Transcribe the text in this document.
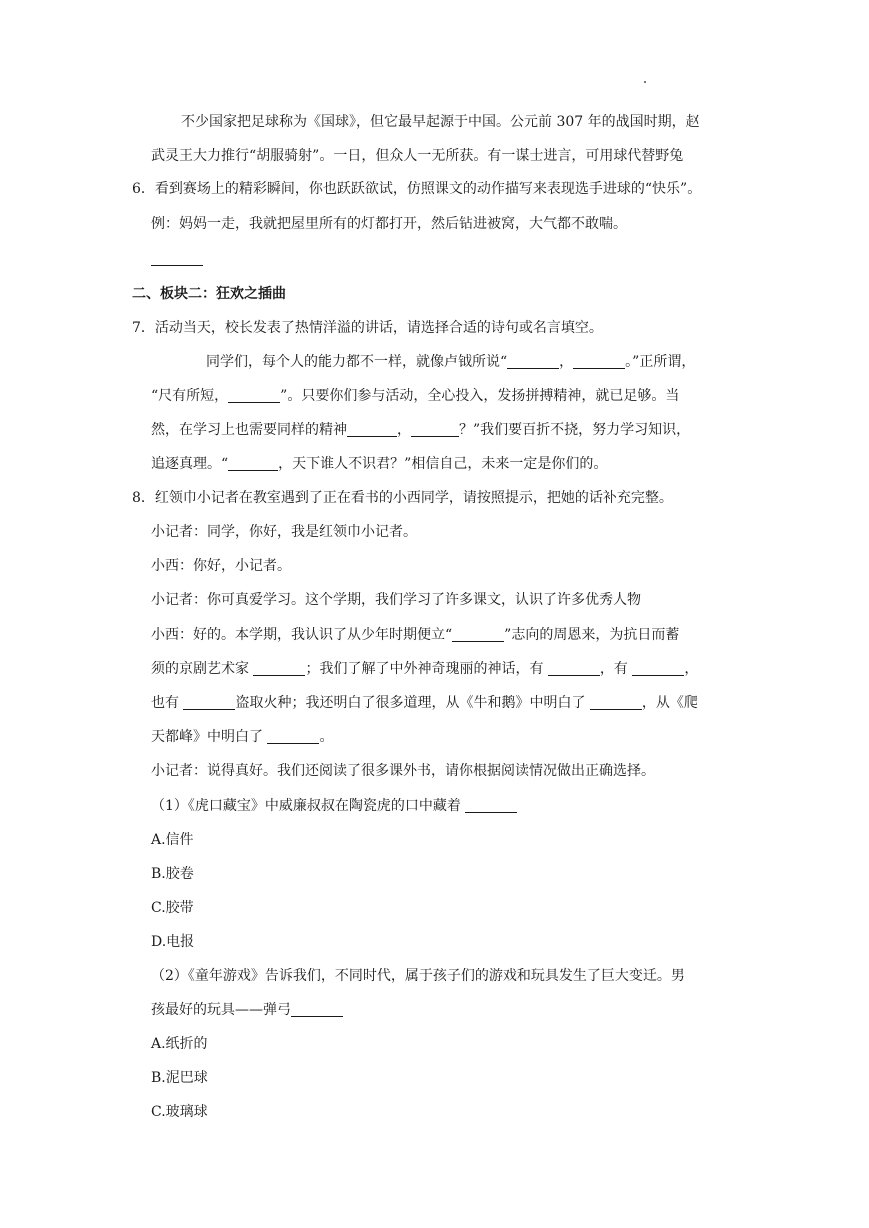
不少国家把足球称为《国球》，但它最早起源于中国。公元前 307 年的战国时期，赵
武灵王大力推行“胡服骑射”。一日，但众人一无所获。有一谋士进言，可用球代替野兔
6．看到赛场上的精彩瞬间，你也跃跃欲试，仿照课文的动作描写来表现选手进球的“快乐”。
例：妈妈一走，我就把屋里所有的灯都打开，然后钻进被窝，大气都不敢喘。
二、板块二：狂欢之插曲
7．活动当天，校长发表了热情洋溢的讲话，请选择合适的诗句或名言填空。
同学们，每个人的能力都不一样，就像卢钺所说“	，	。”正所谓，
“尺有所短，	”。只要你们参与活动，全心投入，发扬拼搏精神，就已足够。当
然，在学习上也需要同样的精神	，	？”我们要百折不挠，努力学习知识，
追逐真理。“	，天下谁人不识君？”相信自己，未来一定是你们的。
8．红领巾小记者在教室遇到了正在看书的小西同学，请按照提示，把她的话补充完整。
小记者：同学，你好，我是红领巾小记者。
小西：你好，小记者。
小记者：你可真爱学习。这个学期，我们学习了许多课文，认识了许多优秀人物
小西：好的。本学期，我认识了从少年时期便立“	”志向的周恩来，为抗日而蓄
须的京剧艺术家	；我们了解了中外神奇瑰丽的神话，有	，有	，
也有	盗取火种；我还明白了很多道理，从《牛和鹅》中明白了	，从《爬
天都峰》中明白了	。
小记者：说得真好。我们还阅读了很多课外书，请你根据阅读情况做出正确选择。
（1）《虎口藏宝》中威廉叔叔在陶瓷虎的口中藏着
A.信件
B.胶卷
C.胶带
D.电报
（2）《童年游戏》告诉我们，不同时代，属于孩子们的游戏和玩具发生了巨大变迁。男
孩最好的玩具——弹弓
A.纸折的
B.泥巴球
C.玻璃球
